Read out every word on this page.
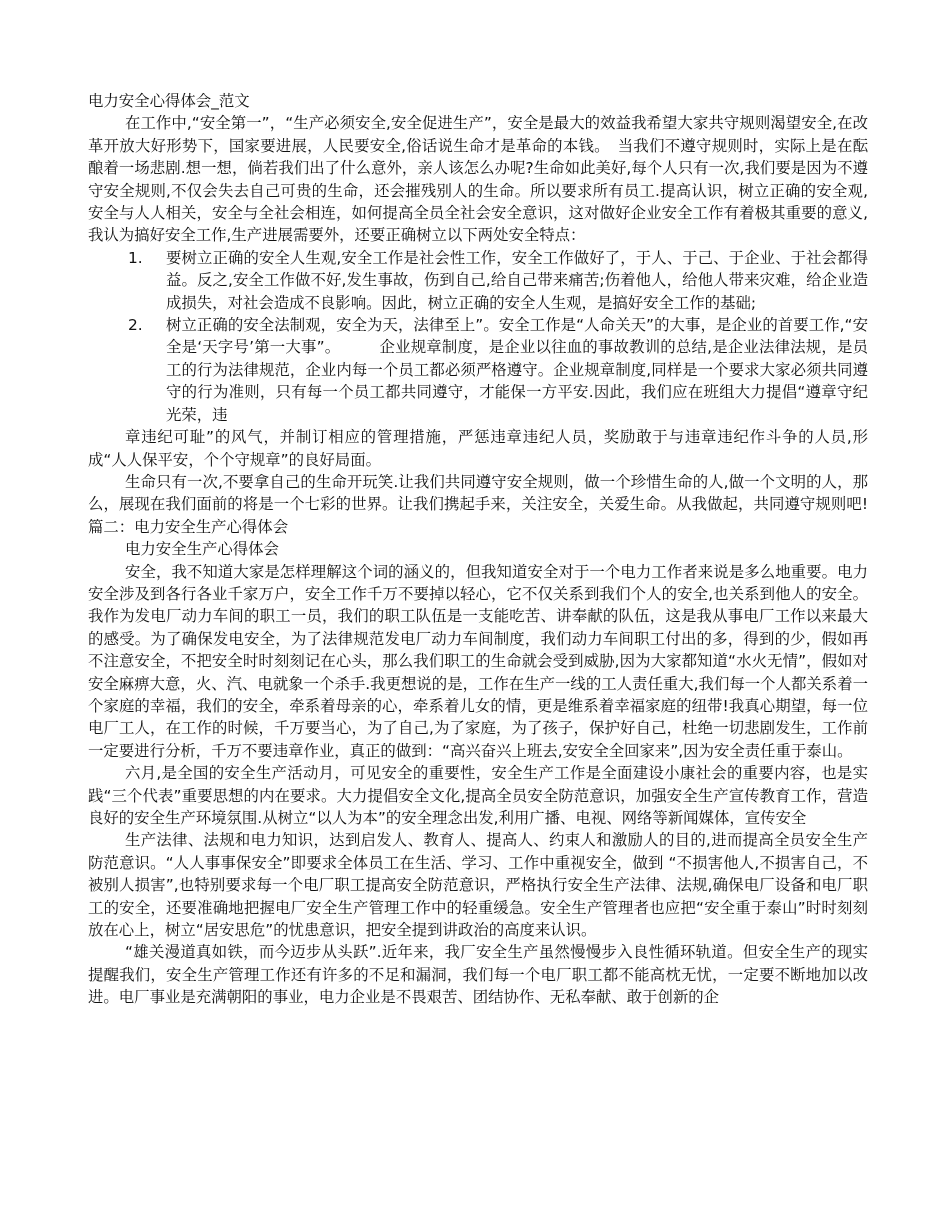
电力安全心得体会_范文

在工作中,“安全第一”，“生产必须安全,安全促进生产”，安全是最大的效益我希望大家共守规则渴望安全,在改革开放大好形势下，国家要进展，人民要安全,俗话说生命才是革命的本钱。　当我们不遵守规则时，实际上是在酝酿着一场悲剧.想一想，倘若我们出了什么意外，亲人该怎么办呢?生命如此美好,每个人只有一次,我们要是因为不遵守安全规则,不仅会失去自己可贵的生命，还会摧残别人的生命。所以要求所有员工.提高认识，树立正确的安全观,安全与人人相关，安全与全社会相连，如何提高全员全社会安全意识，这对做好企业安全工作有着极其重要的意义,我认为搞好安全工作,生产进展需要外，还要正确树立以下两处安全特点：

1. 要树立正确的安全人生观,安全工作是社会性工作，安全工作做好了，于人、于己、于企业、于社会都得益。反之,安全工作做不好,发生事故，伤到自己,给自己带来痛苦;伤着他人，给他人带来灾难，给企业造成损失，对社会造成不良影响。因此，树立正确的安全人生观，是搞好安全工作的基础;
2. 树立正确的安全法制观，安全为天，法律至上”。安全工作是“人命关天”的大事，是企业的首要工作,“安全是‘天字号’第一大事”。　　　企业规章制度，是企业以往血的事故教训的总结,是企业法律法规，是员工的行为法律规范，企业内每一个员工都必须严格遵守。企业规章制度,同样是一个要求大家必须共同遵守的行为准则，只有每一个员工都共同遵守，才能保一方平安.因此，我们应在班组大力提倡“遵章守纪光荣，违

章违纪可耻”的风气，并制订相应的管理措施，严惩违章违纪人员，奖励敢于与违章违纪作斗争的人员,形成“人人保平安，个个守规章”的良好局面。

生命只有一次,不要拿自己的生命开玩笑.让我们共同遵守安全规则，做一个珍惜生命的人,做一个文明的人，那么，展现在我们面前的将是一个七彩的世界。让我们携起手来，关注安全，关爱生命。从我做起，共同遵守规则吧!篇二：电力安全生产心得体会

电力安全生产心得体会

安全，我不知道大家是怎样理解这个词的涵义的，但我知道安全对于一个电力工作者来说是多么地重要。电力安全涉及到各行各业千家万户，安全工作千万不要掉以轻心，它不仅关系到我们个人的安全,也关系到他人的安全。我作为发电厂动力车间的职工一员，我们的职工队伍是一支能吃苦、讲奉献的队伍，这是我从事电厂工作以来最大的感受。为了确保发电安全，为了法律规范发电厂动力车间制度，我们动力车间职工付出的多，得到的少，假如再不注意安全，不把安全时时刻刻记在心头，那么我们职工的生命就会受到威胁,因为大家都知道“水火无情”，假如对安全麻痹大意，火、汽、电就象一个杀手.我更想说的是，工作在生产一线的工人责任重大,我们每一个人都关系着一个家庭的幸福，我们的安全，牵系着母亲的心，牵系着儿女的情，更是维系着幸福家庭的纽带!我真心期望，每一位电厂工人，在工作的时候，千万要当心，为了自己,为了家庭，为了孩子，保护好自己，杜绝一切悲剧发生，工作前一定要进行分析，千万不要违章作业，真正的做到：“高兴奋兴上班去,安安全全回家来”,因为安全责任重于泰山。

六月,是全国的安全生产活动月，可见安全的重要性，安全生产工作是全面建设小康社会的重要内容，也是实践“三个代表”重要思想的内在要求。大力提倡安全文化,提高全员安全防范意识，加强安全生产宣传教育工作，营造良好的安全生产环境氛围.从树立“以人为本”的安全理念出发,利用广播、电视、网络等新闻媒体，宣传安全

生产法律、法规和电力知识，达到启发人、教育人、提高人、约束人和激励人的目的,进而提高全员安全生产防范意识。“人人事事保安全”即要求全体员工在生活、学习、工作中重视安全，做到 “不损害他人,不损害自己，不被别人损害”,也特别要求每一个电厂职工提高安全防范意识，严格执行安全生产法律、法规,确保电厂设备和电厂职工的安全，还要准确地把握电厂安全生产管理工作中的轻重缓急。安全生产管理者也应把“安全重于泰山”时时刻刻放在心上，树立“居安思危”的忧患意识，把安全提到讲政治的高度来认识。

“雄关漫道真如铁，而今迈步从头跃”.近年来，我厂安全生产虽然慢慢步入良性循环轨道。但安全生产的现实提醒我们，安全生产管理工作还有许多的不足和漏洞，我们每一个电厂职工都不能高枕无忧，一定要不断地加以改进。电厂事业是充满朝阳的事业，电力企业是不畏艰苦、团结协作、无私奉献、敢于创新的企
